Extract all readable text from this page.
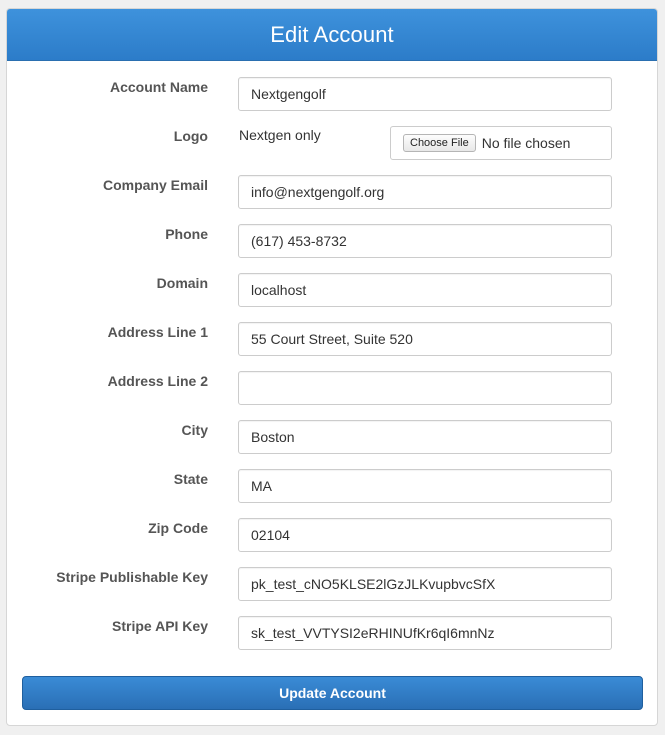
Edit Account
Account Name
Nextgengolf
Logo Nextgen only	Choose File No file chosen
Company Email
info@nextgengolf.org
Phone
(617) 453-8732
Domain
localhost
Address Line 1
55 Court Street, Suite 520
Address Line 2
City
Boston
State
MA
Zip Code
02104
Stripe Publishable Key
pk_test_cNO5KLSE2lGzJLKvupbvcSfX
Stripe API Key
sk_test_VVTYSI2eRHINUfKr6qI6mnNz
Update Account
